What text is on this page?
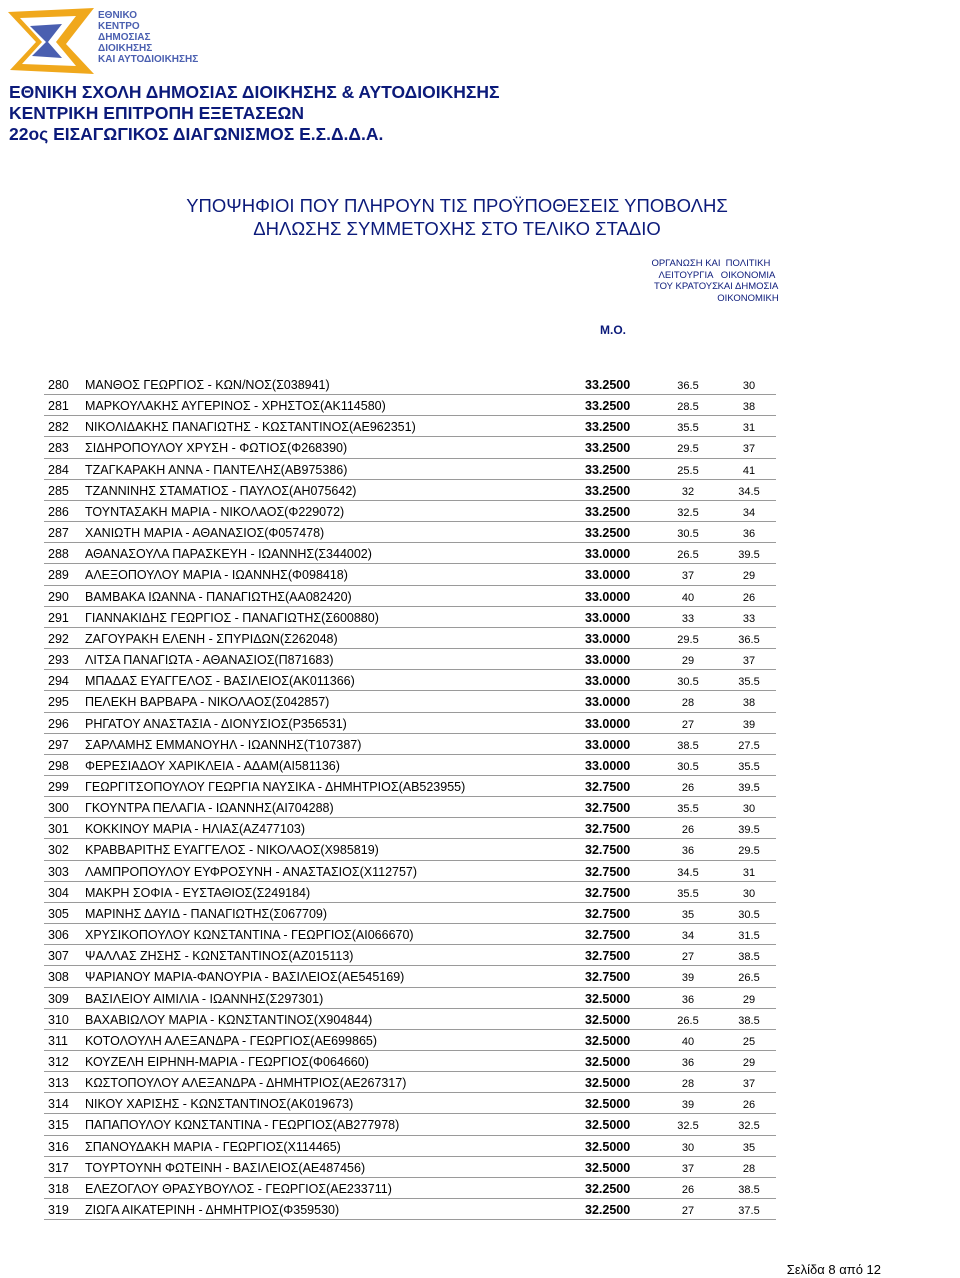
ΕΘΝΙΚΟ
ΚΕΝΤΡΟ
ΔΗΜΟΣΙΑΣ
ΔΙΟΙΚΗΣΗΣ
ΚΑΙ ΑΥΤΟΔΙΟΙΚΗΣΗΣ
ΕΘΝΙΚΗ ΣΧΟΛΗ ΔΗΜΟΣΙΑΣ ΔΙΟΙΚΗΣΗΣ & ΑΥΤΟΔΙΟΙΚΗΣΗΣ
ΚΕΝΤΡΙΚΗ ΕΠΙΤΡΟΠΗ ΕΞΕΤΑΣΕΩΝ
22ος ΕΙΣΑΓΩΓΙΚΟΣ ΔΙΑΓΩΝΙΣΜΟΣ Ε.Σ.Δ.Δ.Α.
ΥΠΟΨΗΦΙΟΙ ΠΟΥ ΠΛΗΡΟΥΝ ΤΙΣ ΠΡΟΫΠΟΘΕΣΕΙΣ ΥΠΟΒΟΛΗΣ
ΔΗΛΩΣΗΣ ΣΥΜΜΕΤΟΧΗΣ ΣΤΟ ΤΕΛΙΚΟ ΣΤΑΔΙΟ
ΟΡΓΑΝΩΣΗ ΚΑΙ
ΛΕΙΤΟΥΡΓΙΑ
ΤΟΥ ΚΡΑΤΟΥΣ
ΠΟΛΙΤΙΚΗ
ΟΙΚΟΝΟΜΙΑ
ΚΑΙ ΔΗΜΟΣΙΑ
ΟΙΚΟΝΟΜΙΚΗ
Μ.Ο.
280 ΜΑΝΘΟΣ ΓΕΩΡΓΙΟΣ - ΚΩΝ/ΝΟΣ(Σ038941)	33.2500	36.5	30
281 ΜΑΡΚΟΥΛΑΚΗΣ ΑΥΓΕΡΙΝΟΣ - ΧΡΗΣΤΟΣ(ΑΚ114580)	33.2500	28.5	38
282 ΝΙΚΟΛΙΔΑΚΗΣ ΠΑΝΑΓΙΩΤΗΣ - ΚΩΣΤΑΝΤΙΝΟΣ(ΑΕ962351)	33.2500	35.5	31
283 ΣΙΔΗΡΟΠΟΥΛΟΥ ΧΡΥΣΗ - ΦΩΤΙΟΣ(Φ268390)	33.2500	29.5	37
284 ΤΖΑΓΚΑΡΑΚΗ ΑΝΝΑ - ΠΑΝΤΕΛΗΣ(ΑΒ975386)	33.2500	25.5	41
285 ΤΖΑΝΝΙΝΗΣ ΣΤΑΜΑΤΙΟΣ - ΠΑΥΛΟΣ(ΑΗ075642)	33.2500	32	34.5
286 ΤΟΥΝΤΑΣΑΚΗ ΜΑΡΙΑ - ΝΙΚΟΛΑΟΣ(Φ229072)	33.2500	32.5	34
287 ΧΑΝΙΩΤΗ ΜΑΡΙΑ - ΑΘΑΝΑΣΙΟΣ(Φ057478)	33.2500	30.5	36
288 ΑΘΑΝΑΣΟΥΛΑ ΠΑΡΑΣΚΕΥΗ - ΙΩΑΝΝΗΣ(Σ344002)	33.0000	26.5	39.5
289 ΑΛΕΞΟΠΟΥΛΟΥ ΜΑΡΙΑ - ΙΩΑΝΝΗΣ(Φ098418)	33.0000	37	29
290 ΒΑΜΒΑΚΑ ΙΩΑΝΝΑ - ΠΑΝΑΓΙΩΤΗΣ(ΑΑ082420)	33.0000	40	26
291 ΓΙΑΝΝΑΚΙΔΗΣ ΓΕΩΡΓΙΟΣ - ΠΑΝΑΓΙΩΤΗΣ(Σ600880)	33.0000	33	33
292 ΖΑΓΟΥΡΑΚΗ ΕΛΕΝΗ - ΣΠΥΡΙΔΩΝ(Σ262048)	33.0000	29.5	36.5
293 ΛΙΤΣΑ ΠΑΝΑΓΙΩΤΑ - ΑΘΑΝΑΣΙΟΣ(Π871683)	33.0000	29	37
294 ΜΠΑΔΑΣ ΕΥΑΓΓΕΛΟΣ - ΒΑΣΙΛΕΙΟΣ(ΑΚ011366)	33.0000	30.5	35.5
295 ΠΕΛΕΚΗ ΒΑΡΒΑΡΑ - ΝΙΚΟΛΑΟΣ(Σ042857)	33.0000	28	38
296 ΡΗΓΑΤΟΥ ΑΝΑΣΤΑΣΙΑ - ΔΙΟΝΥΣΙΟΣ(Ρ356531)	33.0000	27	39
297 ΣΑΡΛΑΜΗΣ ΕΜΜΑΝΟΥΗΛ - ΙΩΑΝΝΗΣ(Τ107387)	33.0000	38.5	27.5
298 ΦΕΡΕΣΙΑΔΟΥ ΧΑΡΙΚΛΕΙΑ - ΑΔΑΜ(ΑΙ581136)	33.0000	30.5	35.5
299 ΓΕΩΡΓΙΤΣΟΠΟΥΛΟΥ ΓΕΩΡΓΙΑ ΝΑΥΣΙΚΑ - ΔΗΜΗΤΡΙΟΣ(ΑΒ523955)	32.7500	26	39.5
300 ΓΚΟΥΝΤΡΑ ΠΕΛΑΓΙΑ - ΙΩΑΝΝΗΣ(ΑΙ704288)	32.7500	35.5	30
301 ΚΟΚΚΙΝΟΥ ΜΑΡΙΑ - ΗΛΙΑΣ(ΑΖ477103)	32.7500	26	39.5
302 ΚΡΑΒΒΑΡΙΤΗΣ ΕΥΑΓΓΕΛΟΣ - ΝΙΚΟΛΑΟΣ(Χ985819)	32.7500	36	29.5
303 ΛΑΜΠΡΟΠΟΥΛΟΥ ΕΥΦΡΟΣΥΝΗ - ΑΝΑΣΤΑΣΙΟΣ(Χ112757)	32.7500	34.5	31
304 ΜΑΚΡΗ ΣΟΦΙΑ - ΕΥΣΤΑΘΙΟΣ(Σ249184)	32.7500	35.5	30
305 ΜΑΡΙΝΗΣ ΔΑΥΙΔ - ΠΑΝΑΓΙΩΤΗΣ(Σ067709)	32.7500	35	30.5
306 ΧΡΥΣΙΚΟΠΟΥΛΟΥ ΚΩΝΣΤΑΝΤΙΝΑ - ΓΕΩΡΓΙΟΣ(ΑΙ066670)	32.7500	34	31.5
307 ΨΑΛΛΑΣ ΖΗΣΗΣ - ΚΩΝΣΤΑΝΤΙΝΟΣ(ΑΖ015113)	32.7500	27	38.5
308 ΨΑΡΙΑΝΟΥ ΜΑΡΙΑ-ΦΑΝΟΥΡΙΑ - ΒΑΣΙΛΕΙΟΣ(ΑΕ545169)	32.7500	39	26.5
309 ΒΑΣΙΛΕΙΟΥ ΑΙΜΙΛΙΑ - ΙΩΑΝΝΗΣ(Σ297301)	32.5000	36	29
310 ΒΑΧΑΒΙΩΛΟΥ ΜΑΡΙΑ - ΚΩΝΣΤΑΝΤΙΝΟΣ(Χ904844)	32.5000	26.5	38.5
311 ΚΟΤΟΛΟΥΛΗ ΑΛΕΞΑΝΔΡΑ - ΓΕΩΡΓΙΟΣ(ΑΕ699865)	32.5000	40	25
312 ΚΟΥΖΕΛΗ ΕΙΡΗΝΗ-ΜΑΡΙΑ - ΓΕΩΡΓΙΟΣ(Φ064660)	32.5000	36	29
313 ΚΩΣΤΟΠΟΥΛΟΥ ΑΛΕΞΑΝΔΡΑ - ΔΗΜΗΤΡΙΟΣ(ΑΕ267317)	32.5000	28	37
314 ΝΙΚΟΥ ΧΑΡΙΣΗΣ - ΚΩΝΣΤΑΝΤΙΝΟΣ(ΑΚ019673)	32.5000	39	26
315 ΠΑΠΑΠΟΥΛΟΥ ΚΩΝΣΤΑΝΤΙΝΑ - ΓΕΩΡΓΙΟΣ(ΑΒ277978)	32.5000	32.5	32.5
316 ΣΠΑΝΟΥΔΑΚΗ ΜΑΡΙΑ - ΓΕΩΡΓΙΟΣ(Χ114465)	32.5000	30	35
317 ΤΟΥΡΤΟΥΝΗ ΦΩΤΕΙΝΗ - ΒΑΣΙΛΕΙΟΣ(ΑΕ487456)	32.5000	37	28
318 ΕΛΕΖΟΓΛΟΥ ΘΡΑΣΥΒΟΥΛΟΣ - ΓΕΩΡΓΙΟΣ(ΑΕ233711)	32.2500	26	38.5
319 ΖΙΩΓΑ ΑΙΚΑΤΕΡΙΝΗ - ΔΗΜΗΤΡΙΟΣ(Φ359530)	32.2500	27	37.5
Σελίδα 8 από 12
